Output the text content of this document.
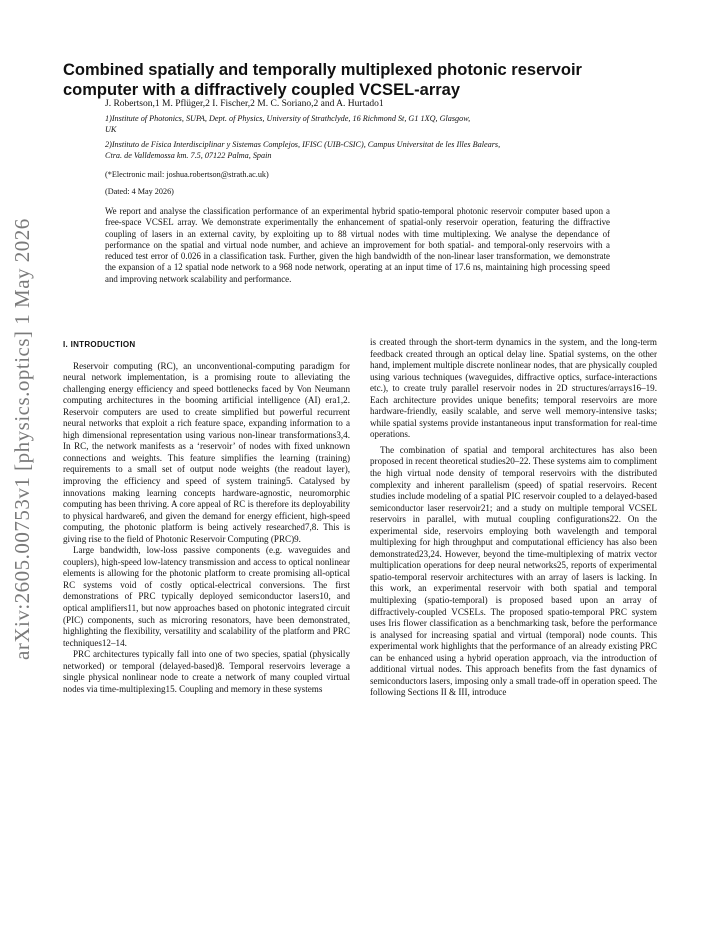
arXiv:2605.00753v1 [physics.optics] 1 May 2026
Combined spatially and temporally multiplexed photonic reservoir
computer with a diffractively coupled VCSEL-array
J. Robertson,1 M. Pflüger,2 I. Fischer,2 M. C. Soriano,2 and A. Hurtado1
1)Institute of Photonics, SUPA, Dept. of Physics, University of Strathclyde, 16 Richmond St, G1 1XQ, Glasgow,
UK
2)Instituto de Física Interdisciplinar y Sistemas Complejos, IFISC (UIB-CSIC), Campus Universitat de les Illes Balears,
Ctra. de Valldemossa km. 7.5, 07122 Palma, Spain
(*Electronic mail: joshua.robertson@strath.ac.uk)
(Dated: 4 May 2026)

We report and analyse the classification performance of an experimental hybrid spatio-temporal photonic reservoir computer based upon a free-space VCSEL array. We demonstrate experimentally the enhancement of spatial-only reservoir operation, featuring the diffractive coupling of lasers in an external cavity, by exploiting up to 88 virtual nodes with time multiplexing. We analyse the dependance of performance on the spatial and virtual node number, and achieve an improvement for both spatial- and temporal-only reservoirs with a reduced test error of 0.026 in a classification task. Further, given the high bandwidth of the non-linear laser transformation, we demonstrate the expansion of a 12 spatial node network to a 968 node network, operating at an input time of 17.6 ns, maintaining high processing speed and improving network scalability and performance.

I. INTRODUCTION

Reservoir computing (RC), an unconventional-computing paradigm for neural network implementation, is a promising route to alleviating the challenging energy efficiency and speed bottlenecks faced by Von Neumann computing architectures in the booming artificial intelligence (AI) era1,2. Reservoir computers are used to create simplified but powerful recurrent neural networks that exploit a rich feature space, expanding information to a high dimensional representation using various non-linear transformations3,4. In RC, the network manifests as a ‘reservoir’ of nodes with fixed unknown connections and weights. This feature simplifies the learning (training) requirements to a small set of output node weights (the readout layer), improving the efficiency and speed of system training5. Catalysed by innovations making learning concepts hardware-agnostic, neuromorphic computing has been thriving. A core appeal of RC is therefore its deployability to physical hardware6, and given the demand for energy efficient, high-speed computing, the photonic platform is being actively researched7,8. This is giving rise to the field of Photonic Reservoir Computing (PRC)9.

Large bandwidth, low-loss passive components (e.g. waveguides and couplers), high-speed low-latency transmission and access to optical nonlinear elements is allowing for the photonic platform to create promising all-optical RC systems void of costly optical-electrical conversions. The first demonstrations of PRC typically deployed semiconductor lasers10, and optical amplifiers11, but now approaches based on photonic integrated circuit (PIC) components, such as microring resonators, have been demonstrated, highlighting the flexibility, versatility and scalability of the platform and PRC techniques12–14.

PRC architectures typically fall into one of two species, spatial (physically networked) or temporal (delayed-based)8. Temporal reservoirs leverage a single physical nonlinear node to create a network of many coupled virtual nodes via time-multiplexing15. Coupling and memory in these systems

is created through the short-term dynamics in the system, and the long-term feedback created through an optical delay line. Spatial systems, on the other hand, implement multiple discrete nonlinear nodes, that are physically coupled using various techniques (waveguides, diffractive optics, surface-interactions etc.), to create truly parallel reservoir nodes in 2D structures/arrays16–19. Each architecture provides unique benefits; temporal reservoirs are more hardware-friendly, easily scalable, and serve well memory-intensive tasks; while spatial systems provide instantaneous input transformation for real-time operations.

The combination of spatial and temporal architectures has also been proposed in recent theoretical studies20–22. These systems aim to compliment the high virtual node density of temporal reservoirs with the distributed complexity and inherent parallelism (speed) of spatial reservoirs. Recent studies include modeling of a spatial PIC reservoir coupled to a delayed-based semiconductor laser reservoir21; and a study on multiple temporal VCSEL reservoirs in parallel, with mutual coupling configurations22. On the experimental side, reservoirs employing both wavelength and temporal multiplexing for high throughput and computational efficiency has also been demonstrated23,24. However, beyond the time-multiplexing of matrix vector multiplication operations for deep neural networks25, reports of experimental spatio-temporal reservoir architectures with an array of lasers is lacking. In this work, an experimental reservoir with both spatial and temporal multiplexing (spatio-temporal) is proposed based upon an array of diffractively-coupled VCSELs. The proposed spatio-temporal PRC system uses Iris flower classification as a benchmarking task, before the performance is analysed for increasing spatial and virtual (temporal) node counts. This experimental work highlights that the performance of an already existing PRC can be enhanced using a hybrid operation approach, via the introduction of additional virtual nodes. This approach benefits from the fast dynamics of semiconductors lasers, imposing only a small trade-off in operation speed. The following Sections II & III, introduce
